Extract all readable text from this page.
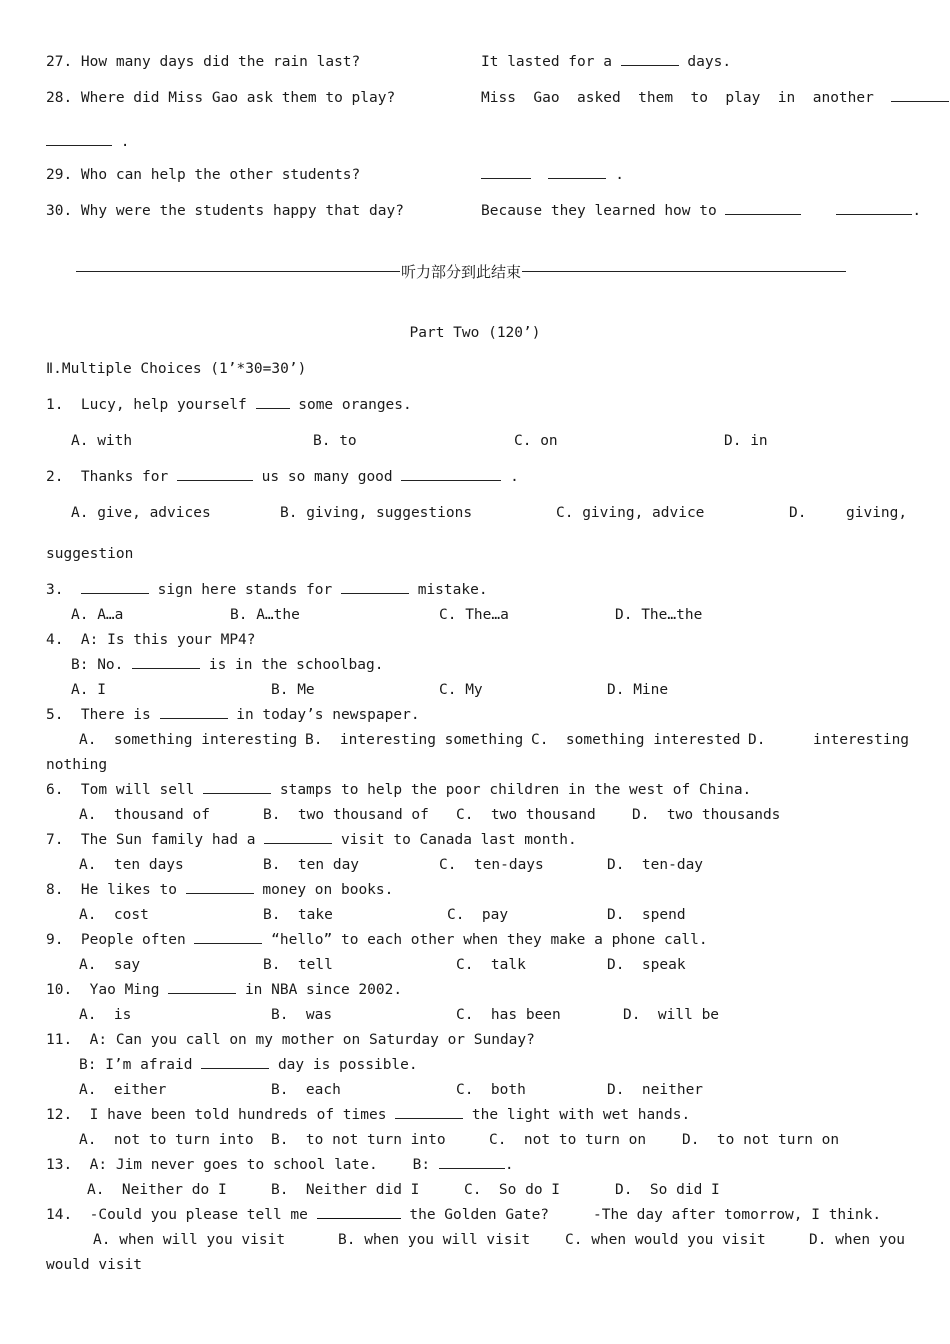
27. How many days did the rain last?	It lasted for a	days.
28. Where did Miss Gao ask them to play?	Miss  Gao  asked  them  to  play  in  another
.
29. Who can help the other students?	.
30. Why were the students happy that day?	Because they learned how to	.
听力部分到此结束
Part Two (120’)
Ⅱ.Multiple Choices (1’*30=30’)
1.  Lucy, help yourself  some oranges.
A. with	B. to	C. on	D. in
2.  Thanks for	us so many good	.
A. give, advices	B. giving, suggestions	C. giving, advice	D.	giving,
suggestion
3.	sign here stands for	mistake.
A. A…a	B. A…the	C. The…a	D. The…the
4.  A: Is this your MP4?
B: No.	is in the schoolbag.
A. I	B. Me	C. My	D. Mine
5.  There is	in today’s newspaper.
A.  something interesting B.  interesting something C.  something interested D.	interesting
nothing
6.  Tom will sell	stamps to help the poor children in the west of China.
A.  thousand of	B.  two thousand of C.  two thousand	D.  two thousands
7.  The Sun family had a	visit to Canada last month.
A.  ten days	B.  ten day	C.  ten-days	D.  ten-day
8.  He likes to	money on books.
A.  cost	B.  take	C.  pay	D.  spend
9.  People often	“hello” to each other when they make a phone call.
A.  say	B.  tell	C.  talk	D.  speak
10.  Yao Ming	in NBA since 2002.
A.  is	B.  was	C.  has been	D.  will be
11.  A: Can you call on my mother on Saturday or Sunday?
B: I’m afraid	day is possible.
A.  either	B.  each	C.  both	D.  neither
12.  I have been told hundreds of times	the light with wet hands.
A.  not to turn into B.  to not turn into	C.  not to turn on D.  to not turn on
13.  A: Jim never goes to school late.    B:	.
A.  Neither do I	B.  Neither did I	C.  So do I	D.  So did I
14.  -Could you please tell me	the Golden Gate?	-The day after tomorrow, I think.
A. when will you visit	B. when you will visit C. when would you visit	D. when you
would visit
